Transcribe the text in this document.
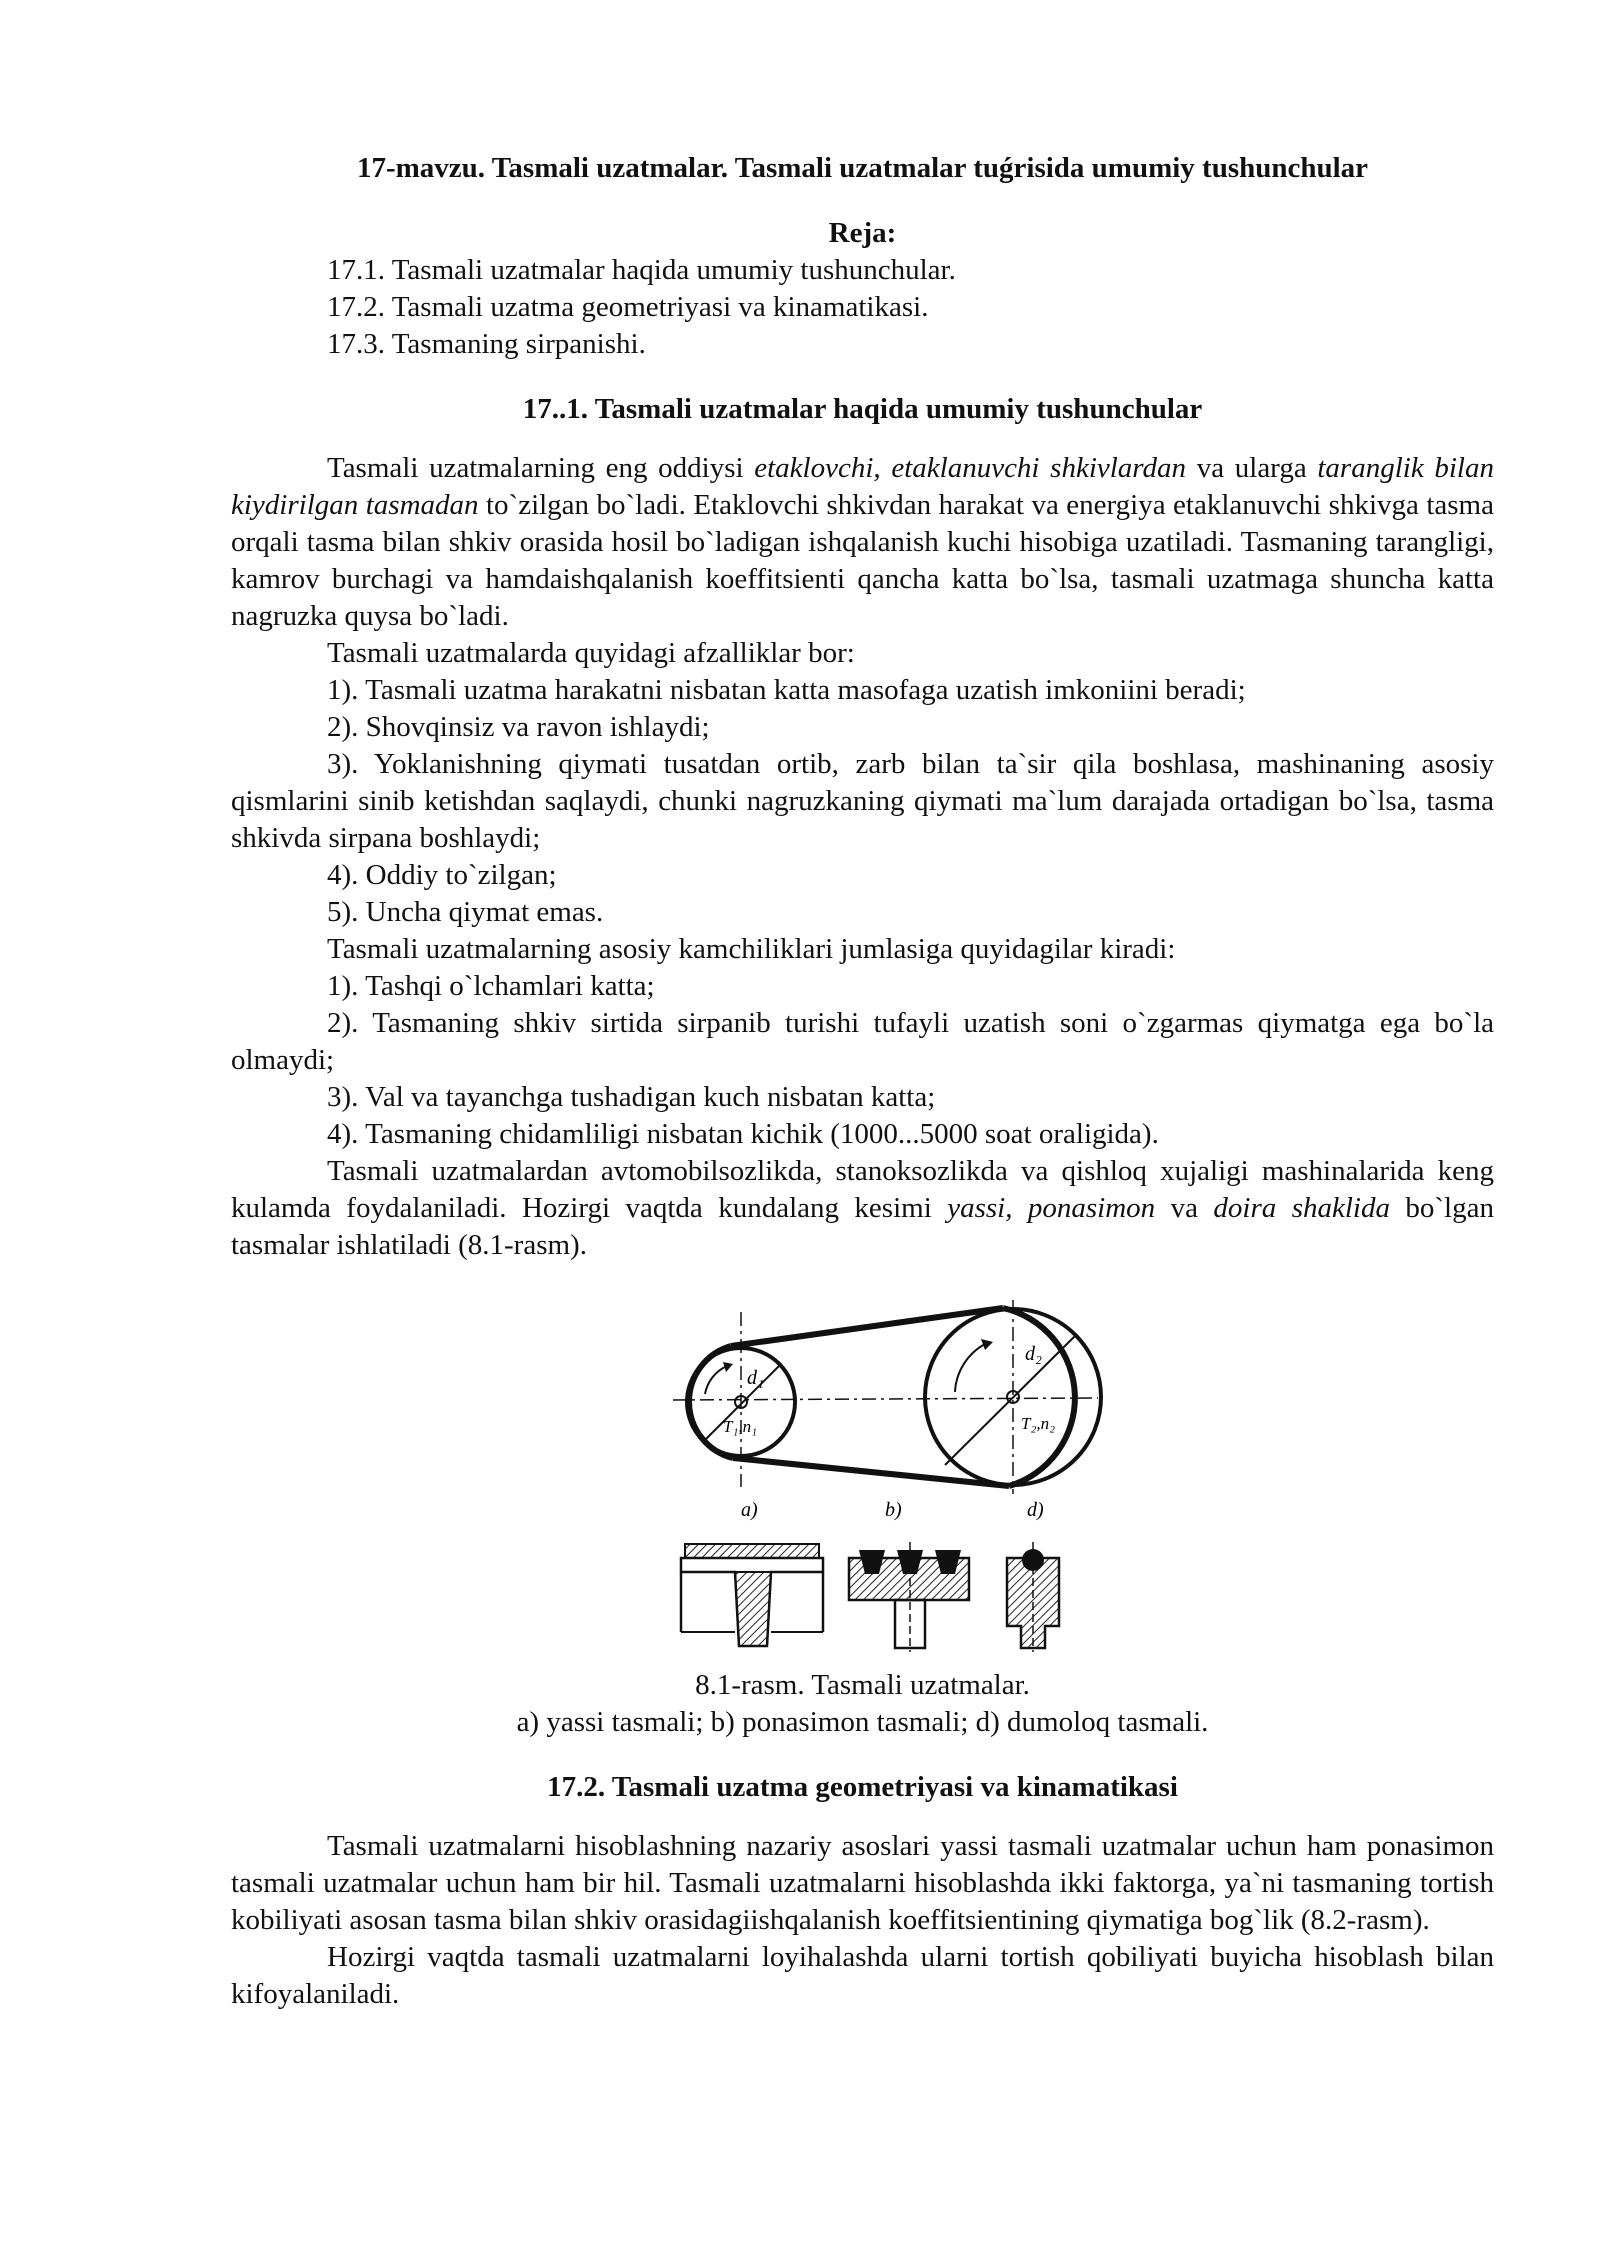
17-mavzu. Tasmali uzatmalar. Tasmali uzatmalar tuǵrisida umumiy tushunchular
Reja:
17.1. Tasmali uzatmalar haqida umumiy tushunchular.
17.2. Tasmali uzatma geometriyasi va kinamatikasi.
17.3. Tasmaning sirpanishi.
17..1. Tasmali uzatmalar haqida umumiy tushunchular

Tasmali uzatmalarning eng oddiysi etaklovchi, etaklanuvchi shkivlardan va ularga taranglik bilan kiydirilgan tasmadan to`zilgan bo`ladi. Etaklovchi shkivdan harakat va energiya etaklanuvchi shkivga tasma orqali tasma bilan shkiv orasida hosil bo`ladigan ishqalanish kuchi hisobiga uzatiladi. Tasmaning tarangligi, kamrov burchagi va hamdaishqalanish koeffitsienti qancha katta bo`lsa, tasmali uzatmaga shuncha katta nagruzka quysa bo`ladi.

Tasmali uzatmalarda quyidagi afzalliklar bor:

1). Tasmali uzatma harakatni nisbatan katta masofaga uzatish imkoniini beradi;

2). Shovqinsiz va ravon ishlaydi;

3). Yoklanishning qiymati tusatdan ortib, zarb bilan ta`sir qila boshlasa, mashinaning asosiy qismlarini sinib ketishdan saqlaydi, chunki nagruzkaning qiymati ma`lum darajada ortadigan bo`lsa, tasma shkivda sirpana boshlaydi;

4). Oddiy to`zilgan;

5). Uncha qiymat emas.

Tasmali uzatmalarning asosiy kamchiliklari jumlasiga quyidagilar kiradi:

1). Tashqi o`lchamlari katta;

2). Tasmaning shkiv sirtida sirpanib turishi tufayli uzatish soni o`zgarmas qiymatga ega bo`la olmaydi;

3). Val va tayanchga tushadigan kuch nisbatan katta;

4). Tasmaning chidamliligi nisbatan kichik (1000...5000 soat oraligida).

Tasmali uzatmalardan avtomobilsozlikda, stanoksozlikda va qishloq xujaligi mashinalarida keng kulamda foydalaniladi. Hozirgi vaqtda kundalang kesimi yassi, ponasimon va doira shaklida bo`lgan tasmalar ishlatiladi (8.1-rasm).

d₁
T₁,n₁
d₂
T₂,n₂
a)	b)	d)

8.1-rasm. Tasmali uzatmalar.

a) yassi tasmali; b) ponasimon tasmali; d) dumoloq tasmali.

17.2. Tasmali uzatma geometriyasi va kinamatikasi

Tasmali uzatmalarni hisoblashning nazariy asoslari yassi tasmali uzatmalar uchun ham ponasimon tasmali uzatmalar uchun ham bir hil. Tasmali uzatmalarni hisoblashda ikki faktorga, ya`ni tasmaning tortish kobiliyati asosan tasma bilan shkiv orasidagiishqalanish koeffitsientining qiymatiga bog`lik (8.2-rasm).

Hozirgi vaqtda tasmali uzatmalarni loyihalashda ularni tortish qobiliyati buyicha hisoblash bilan kifoyalaniladi.
